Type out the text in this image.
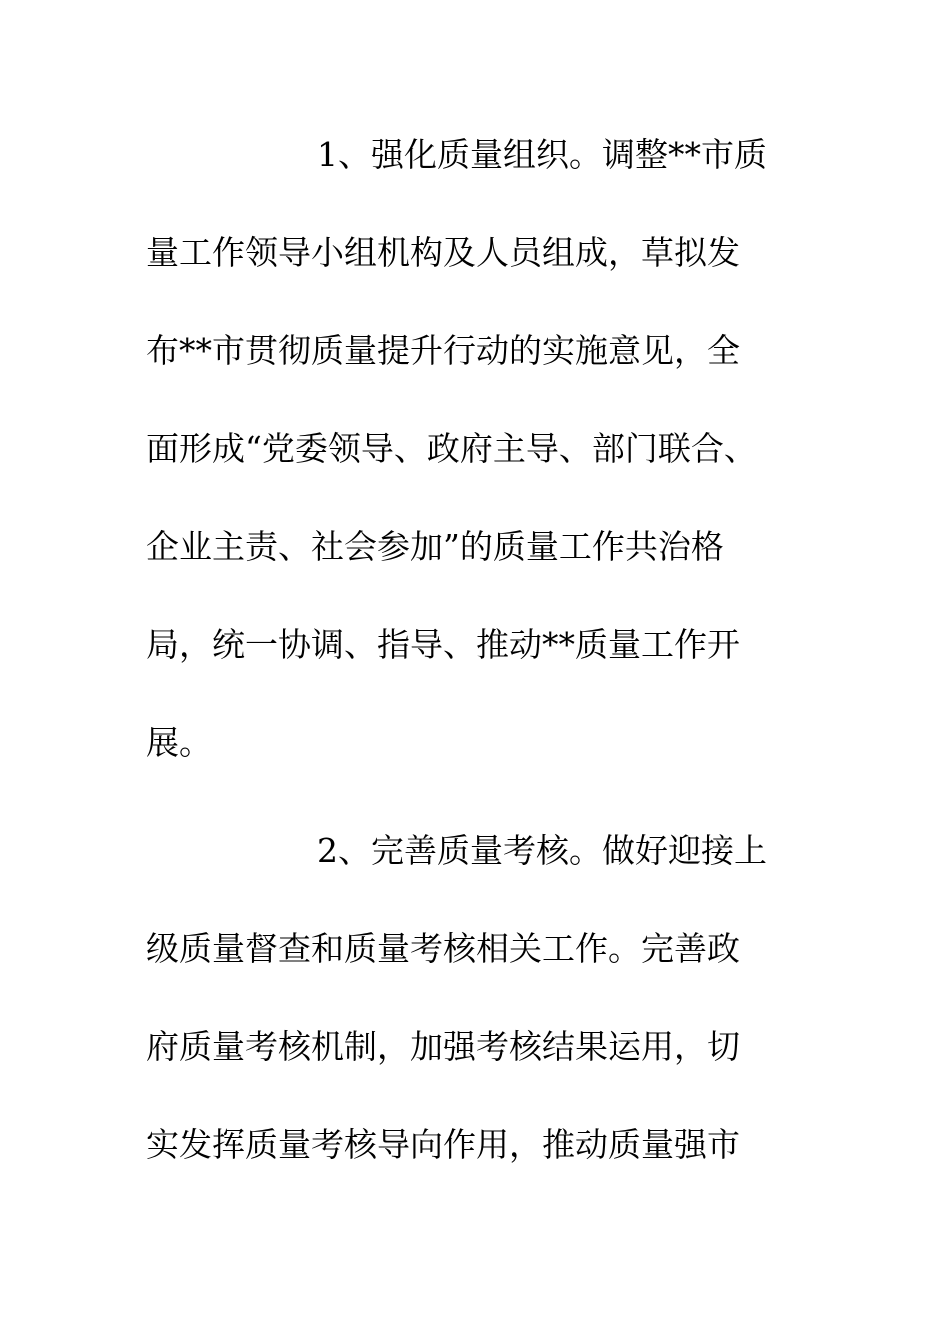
1、强化质量组织。调整**市质
量工作领导小组机构及人员组成，草拟发
布**市贯彻质量提升行动的实施意见，全
面形成“党委领导、政府主导、部门联合、
企业主责、社会参加”的质量工作共治格
局，统一协调、指导、推动**质量工作开
展。
2、完善质量考核。做好迎接上
级质量督查和质量考核相关工作。完善政
府质量考核机制，加强考核结果运用，切
实发挥质量考核导向作用，推动质量强市
